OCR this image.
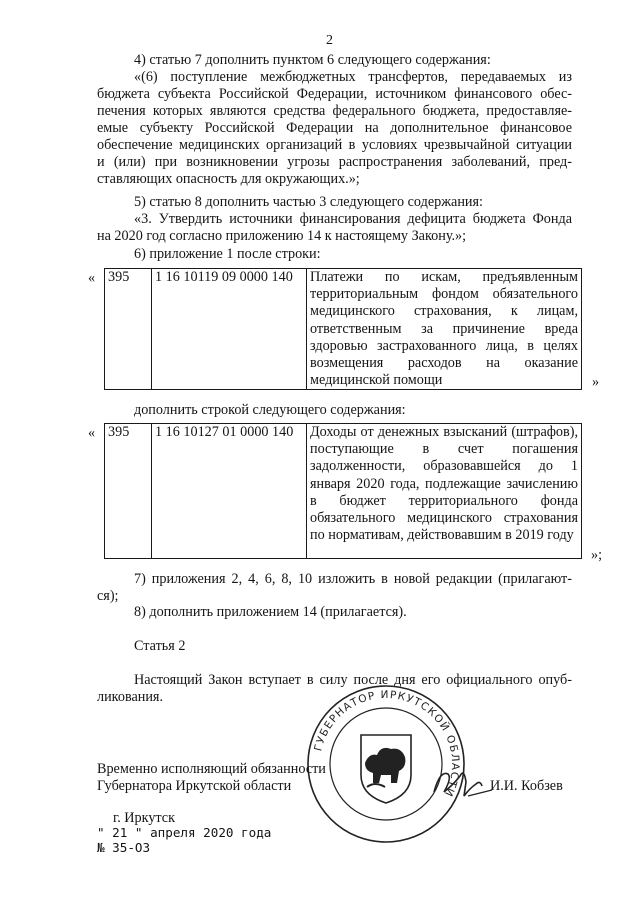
2
4) статью 7 дополнить пунктом 6 следующего содержания:
«(6) поступление межбюджетных трансфертов, передаваемых из
бюджета субъекта Российской Федерации, источником финансового обес-
печения которых являются средства федерального бюджета, предоставляе-
емые субъекту Российской Федерации на дополнительное финансовое
обеспечение медицинских организаций в условиях чрезвычайной ситуации
и (или) при возникновении угрозы распространения заболеваний, пред-
ставляющих опасность для окружающих.»;
5) статью 8 дополнить частью 3 следующего содержания:
«3. Утвердить источники финансирования дефицита бюджета Фонда
на 2020 год согласно приложению 14 к настоящему Закону.»;
6) приложение 1 после строки:
« 395	1 16 10119 09 0000 140	Платежи по искам, предъявленным территориальным фондом обязательного медицинского страхования, к лицам, ответственным за причинение вреда здоровью застрахованного лица, в целях возмещения расходов на оказание медицинской помощи	»
дополнить строкой следующего содержания:
« 395	1 16 10127 01 0000 140	Доходы от денежных взысканий (штрафов), поступающие в счет погашения задолженности, образовавшейся до 1 января 2020 года, подлежащие зачислению в бюджет территориального фонда обязательного медицинского страхования по нормативам, действовавшим в 2019 году
»;
7) приложения 2, 4, 6, 8, 10 изложить в новой редакции (прилагают-
ся);
8) дополнить приложением 14 (прилагается).
Статья 2
Настоящий Закон вступает в силу после дня его официального опуб-
ликования.
ГУБЕРНАТОР ИРКУТСКОЙ ОБЛАСТИ
Временно исполняющий обязанности
Губернатора Иркутской области	И.И. Кобзев
г. Иркутск
" 21 " апреля 2020 года
№ 35-ОЗ
